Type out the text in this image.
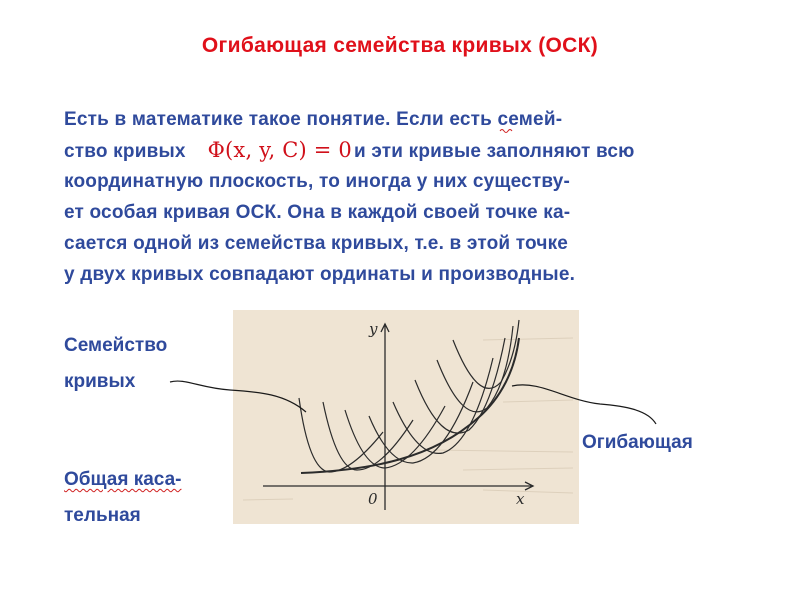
Огибающая семейства кривых (ОСК)
Есть в математике такое понятие. Если есть семей-
ство кривых Φ(x, y, C) = 0 и эти кривые заполняют всю
координатную плоскость, то иногда у них существу-
ет особая кривая ОСК. Она в каждой своей точке ка-
сается одной из семейства кривых, т.е. в этой точке
у двух кривых совпадают ординаты и производные.
y
x
0
Семейство
кривых
Огибающая
Общая каса-
тельная
